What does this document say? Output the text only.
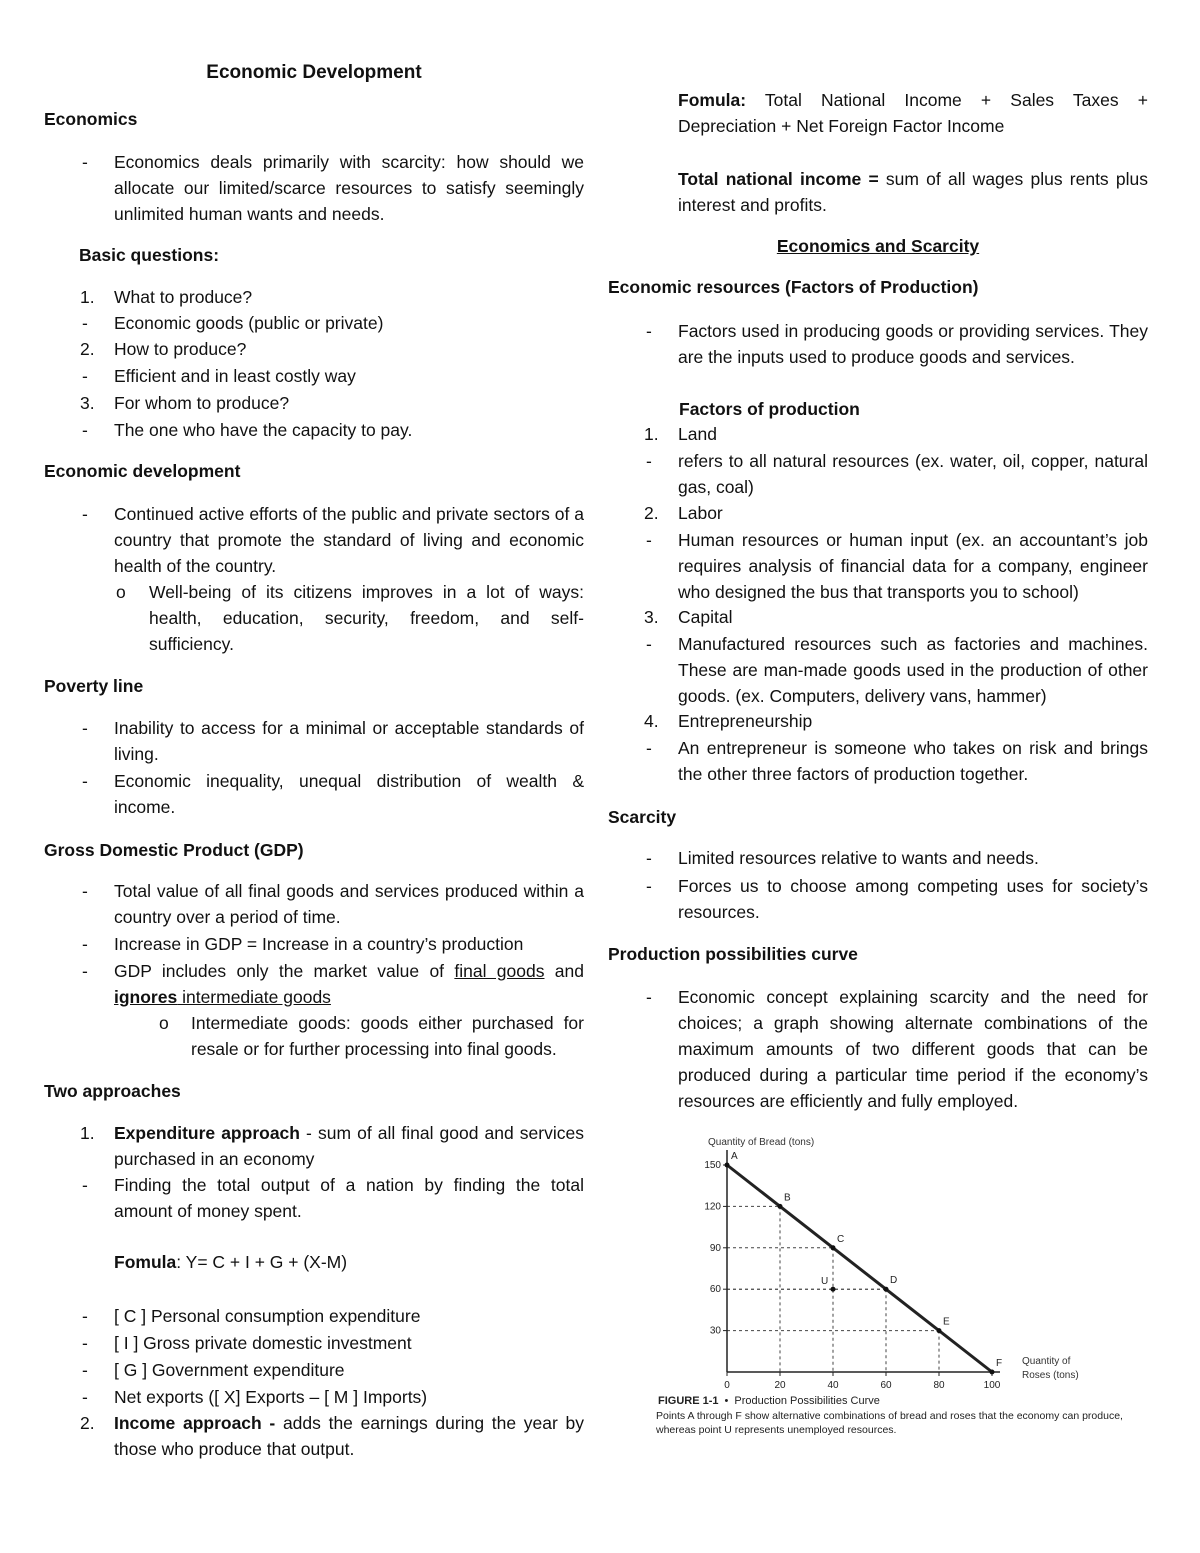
Economic Development
Economics
-	Economics deals primarily with scarcity: how should we allocate our limited/scarce resources to satisfy seemingly unlimited human wants and needs.
Basic questions:
1.	What to produce?
-	Economic goods (public or private)
2.	How to produce?
-	Efficient and in least costly way
3.	For whom to produce?
-	The one who have the capacity to pay.
Economic development
-	Continued active efforts of the public and private sectors of a country that promote the standard of living and economic health of the country.
o	Well-being of its citizens improves in a lot of ways: health, education, security, freedom, and self-sufficiency.
Poverty line
-	Inability to access for a minimal or acceptable standards of living.
-	Economic inequality, unequal distribution of wealth & income.
Gross Domestic Product (GDP)
-	Total value of all final goods and services produced within a country over a period of time.
-	Increase in GDP = Increase in a country’s production
-	GDP includes only the market value of final goods and ignores intermediate goods
o	Intermediate goods: goods either purchased for resale or for further processing into final goods.
Two approaches
1.	Expenditure approach - sum of all final good and services purchased in an economy
-	Finding the total output of a nation by finding the total amount of money spent.
Fomula: Y= C + I + G + (X-M)
-	[ C ] Personal consumption expenditure
-	[ I ] Gross private domestic investment
-	[ G ] Government expenditure
-	Net exports ([ X] Exports – [ M ] Imports)
2.	Income approach - adds the earnings during the year by those who produce that output.
Fomula: Total National Income + Sales Taxes + Depreciation + Net Foreign Factor Income
Total national income = sum of all wages plus rents plus interest and profits.
Economics and Scarcity
Economic resources (Factors of Production)
-	Factors used in producing goods or providing services. They are the inputs used to produce goods and services.
Factors of production
1.	Land
-	refers to all natural resources (ex. water, oil, copper, natural gas, coal)
2.	Labor
-	Human resources or human input (ex. an accountant’s job requires analysis of financial data for a company, engineer who designed the bus that transports you to school)
3.	Capital
-	Manufactured resources such as factories and machines. These are man-made goods used in the production of other goods. (ex. Computers, delivery vans, hammer)
4.	Entrepreneurship
-	An entrepreneur is someone who takes on risk and brings the other three factors of production together.
Scarcity
-	Limited resources relative to wants and needs.
-	Forces us to choose among competing uses for society’s resources.
Production possibilities curve
-	Economic concept explaining scarcity and the need for choices; a graph showing alternate combinations of the maximum amounts of two different goods that can be produced during a particular time period if the economy’s resources are efficiently and fully employed.
Quantity of Bread (tons)
0	20	40	60	80	100
30
60
90
120
150
A
B
C
D
E
F
U
Quantity of
Roses (tons)
FIGURE 1-1 • Production Possibilities Curve
Points A through F show alternative combinations of bread and roses that the economy can produce, whereas point U represents unemployed resources.
